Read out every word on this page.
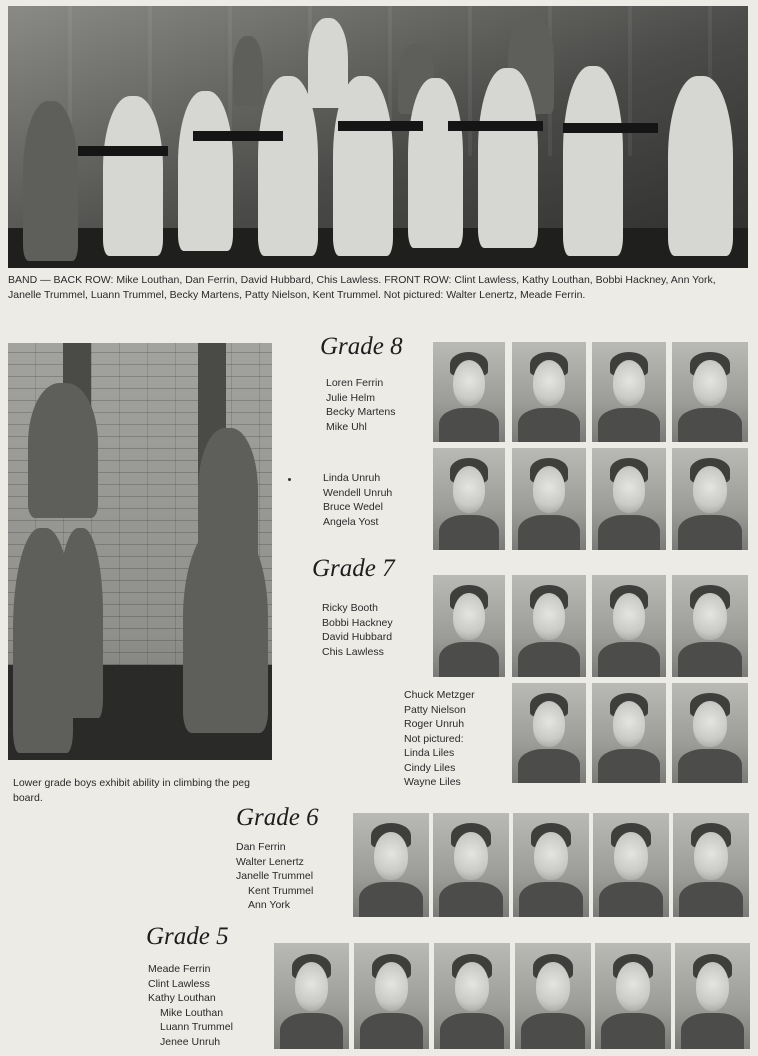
BAND — BACK ROW: Mike Louthan, Dan Ferrin, David Hubbard, Chis Lawless. FRONT ROW: Clint Lawless, Kathy Louthan, Bobbi Hackney, Ann York, Janelle Trummel, Luann Trummel, Becky Martens, Patty Nielson, Kent Trummel. Not pictured: Walter Lenertz, Meade Ferrin.
Lower grade boys exhibit ability in climbing the peg board.
Grade 8
Loren Ferrin
Julie Helm
Becky Martens
Mike Uhl
Linda Unruh
Wendell Unruh
Bruce Wedel
Angela Yost
Grade 7
Ricky Booth
Bobbi Hackney
David Hubbard
Chis Lawless
Chuck Metzger
Patty Nielson
Roger Unruh
Not pictured:
Linda Liles
Cindy Liles
Wayne Liles
Grade 6
Dan Ferrin
Walter Lenertz
Janelle Trummel
Kent Trummel
Ann York
Grade 5
Meade Ferrin
Clint Lawless
Kathy Louthan
Mike Louthan
Luann Trummel
Jenee Unruh
